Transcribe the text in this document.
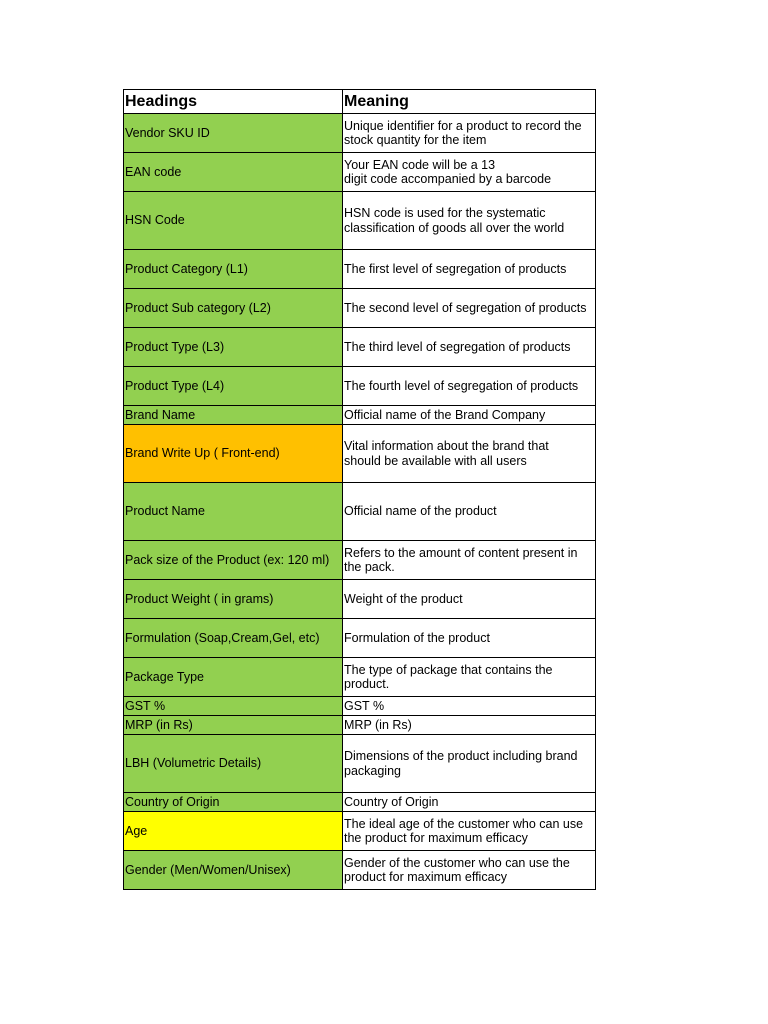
Headings	Meaning
Vendor SKU ID	Unique identifier for a product to record the
stock quantity for the item
EAN code	Your EAN code will be a 13
digit code accompanied by a barcode
HSN Code	HSN code is used for the systematic
classification of goods all over the world
Product Category (L1)	The first level of segregation of products
Product Sub category (L2)	The second level of segregation of products
Product Type (L3)	The third level of segregation of products
Product Type (L4)	The fourth level of segregation of products
Brand Name	Official name of the Brand Company
Brand Write Up ( Front-end)	Vital information about the brand that
should be available with all users
Product Name	Official name of the product
Pack size of the Product (ex: 120 ml)	Refers to the amount of content present in
the pack.
Product Weight ( in grams)	Weight of the product
Formulation (Soap,Cream,Gel, etc)	Formulation of the product
Package Type	The type of package that contains the
product.
GST %	GST %
MRP (in Rs)	MRP (in Rs)
LBH (Volumetric Details)	Dimensions of the product including brand
packaging
Country of Origin	Country of Origin
Age	The ideal age of the customer who can use
the product for maximum efficacy
Gender (Men/Women/Unisex)	Gender of the customer who can use the
product for maximum efficacy
